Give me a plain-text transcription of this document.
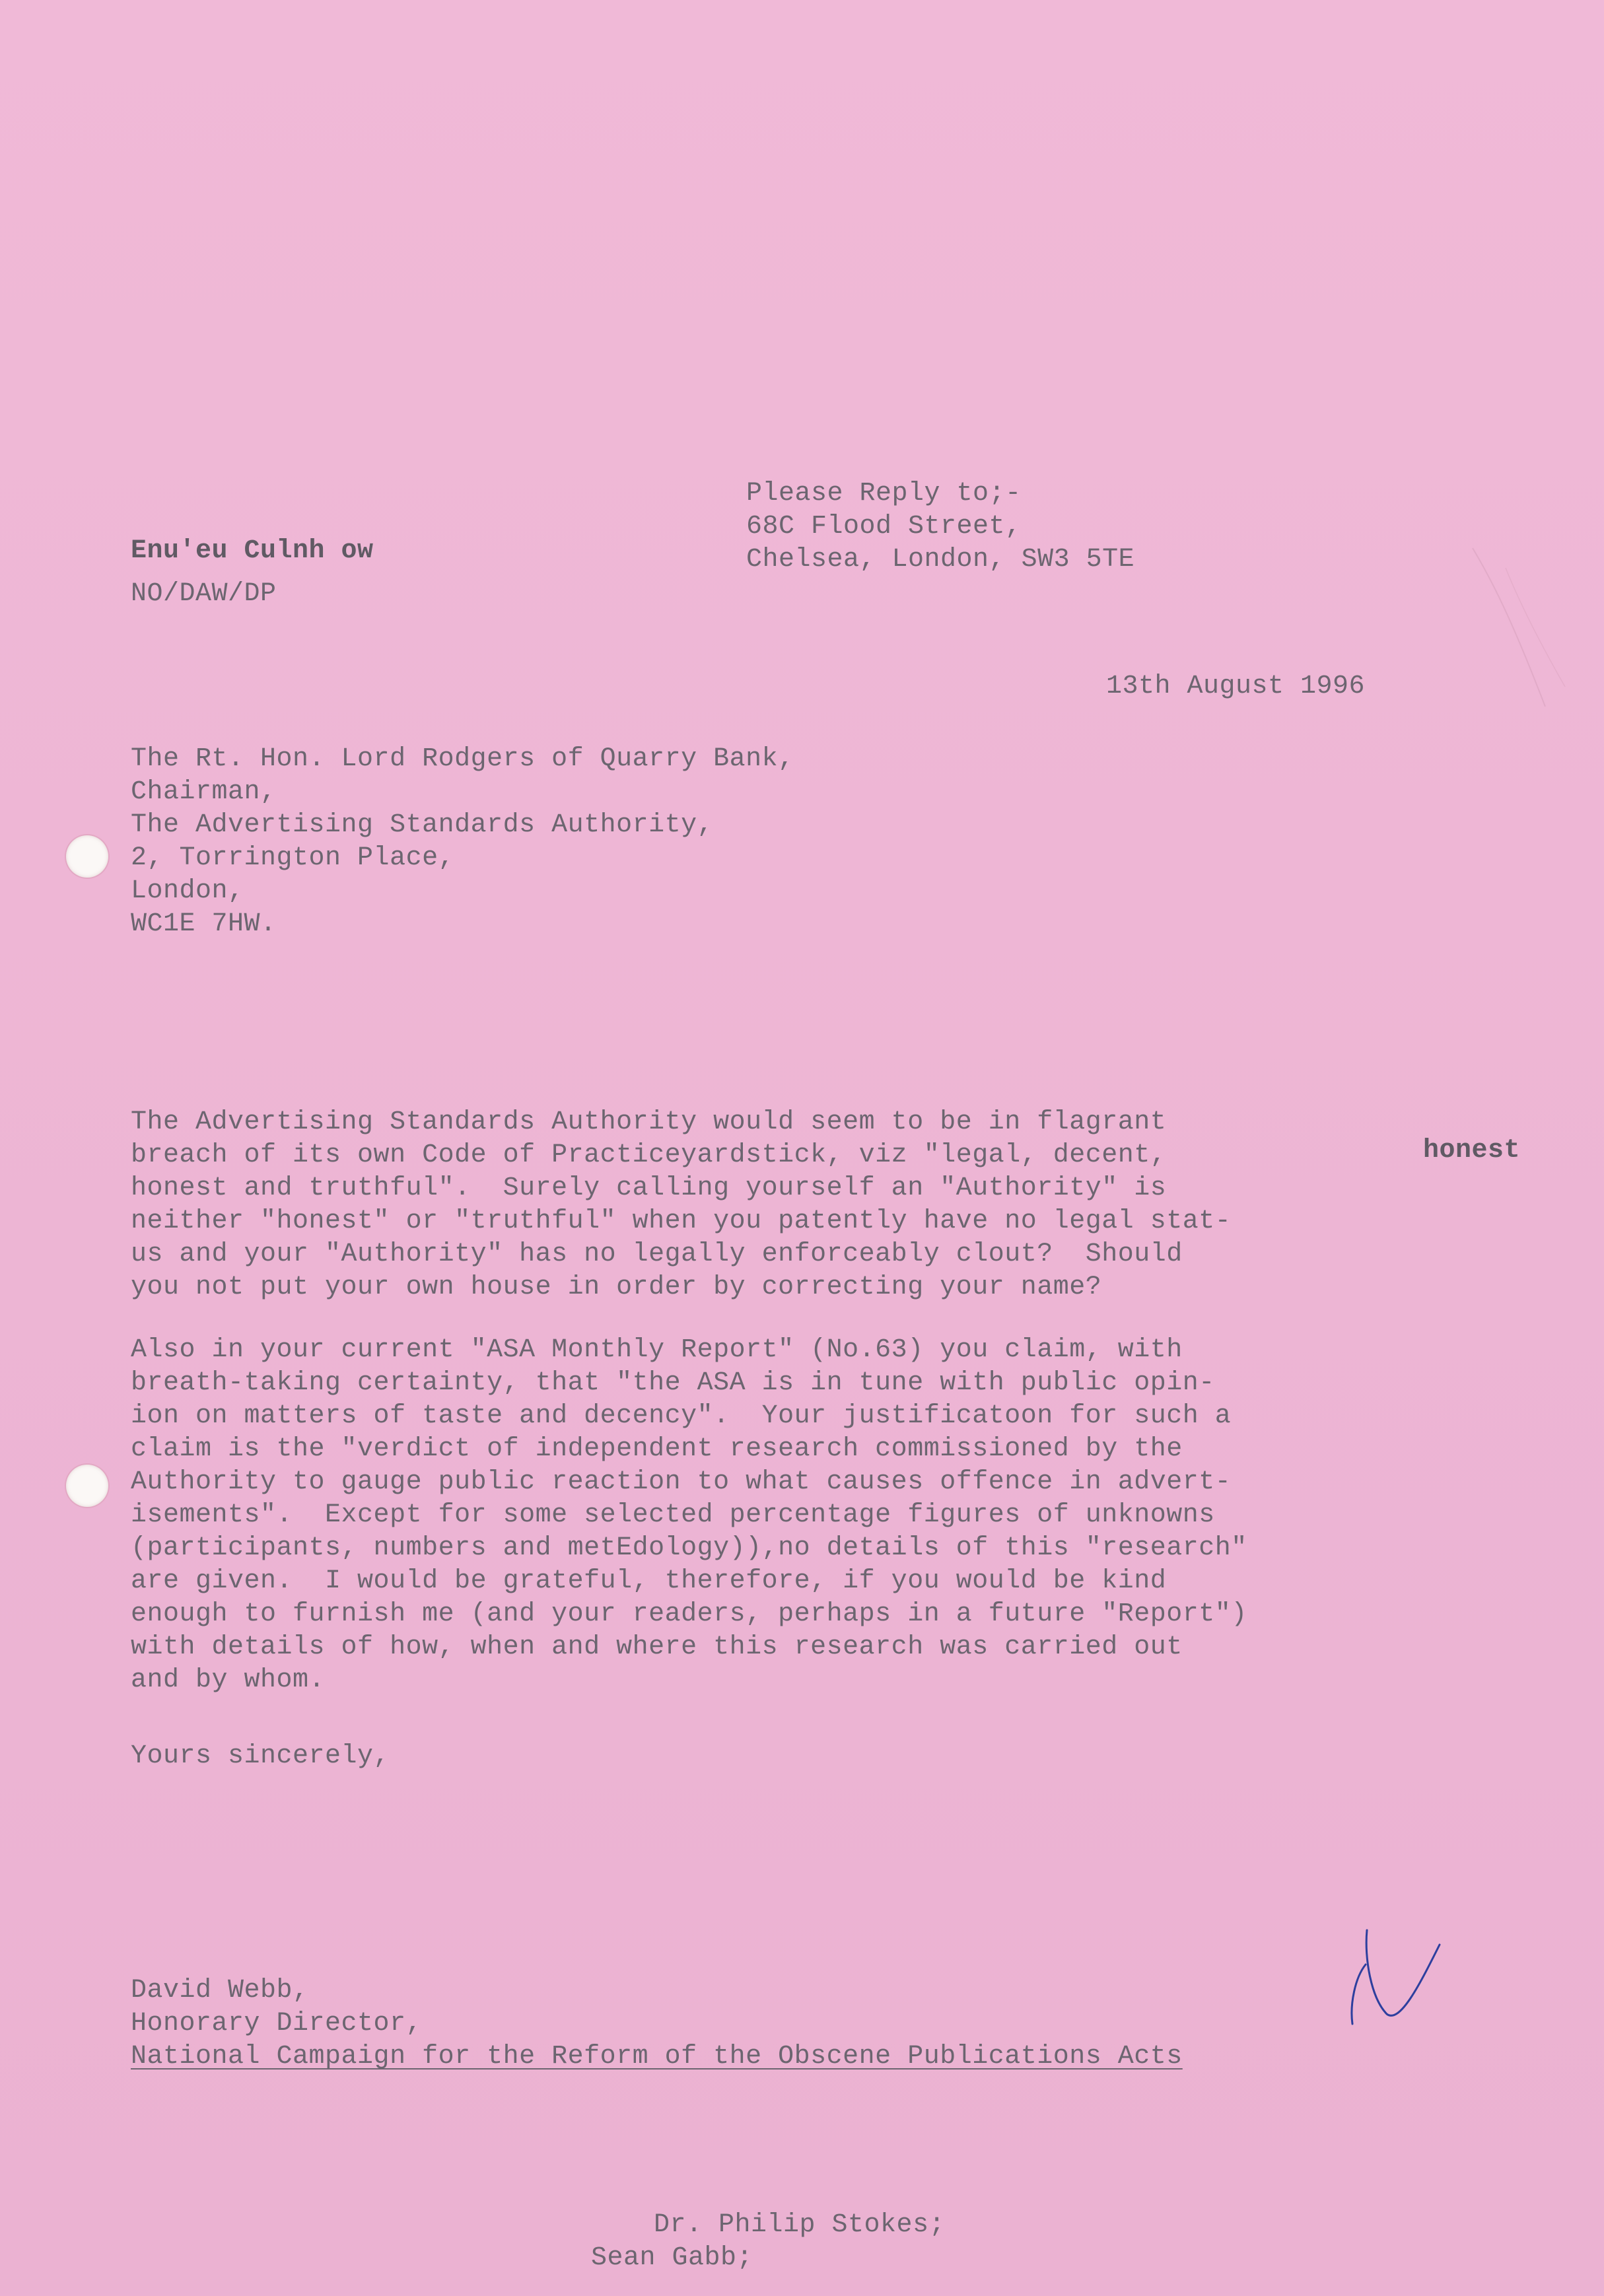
Please Reply to;-
68C Flood Street,
Chelsea, London, SW3 5TE
Enu'eu Culnh ow
NO/DAW/DP
13th August 1996
The Rt. Hon. Lord Rodgers of Quarry Bank,
Chairman,
The Advertising Standards Authority,
2, Torrington Place,
London,
WC1E 7HW.
The Advertising Standards Authority would seem to be in flagrant
breach of its own Code of Practiceyardstick, viz "legal, decent,
honest and truthful".  Surely calling yourself an "Authority" is
neither "honest" or "truthful" when you patently have no legal stat-
us and your "Authority" has no legally enforceably clout?  Should
you not put your own house in order by correcting your name?
honest
Also in your current "ASA Monthly Report" (No.63) you claim, with
breath-taking certainty, that "the ASA is in tune with public opin-
ion on matters of taste and decency".  Your justificatoon for such a
claim is the "verdict of independent research commissioned by the
Authority to gauge public reaction to what causes offence in advert-
isements".  Except for some selected percentage figures of unknowns
(participants, numbers and metEdology)),no details of this "research"
are given.  I would be grateful, therefore, if you would be kind
enough to furnish me (and your readers, perhaps in a future "Report")
with details of how, when and where this research was carried out
and by whom.
Yours sincerely,
David Webb,
Honorary Director,
National Campaign for the Reform of the Obscene Publications Acts
Dr. Philip Stokes;
Sean Gabb;
